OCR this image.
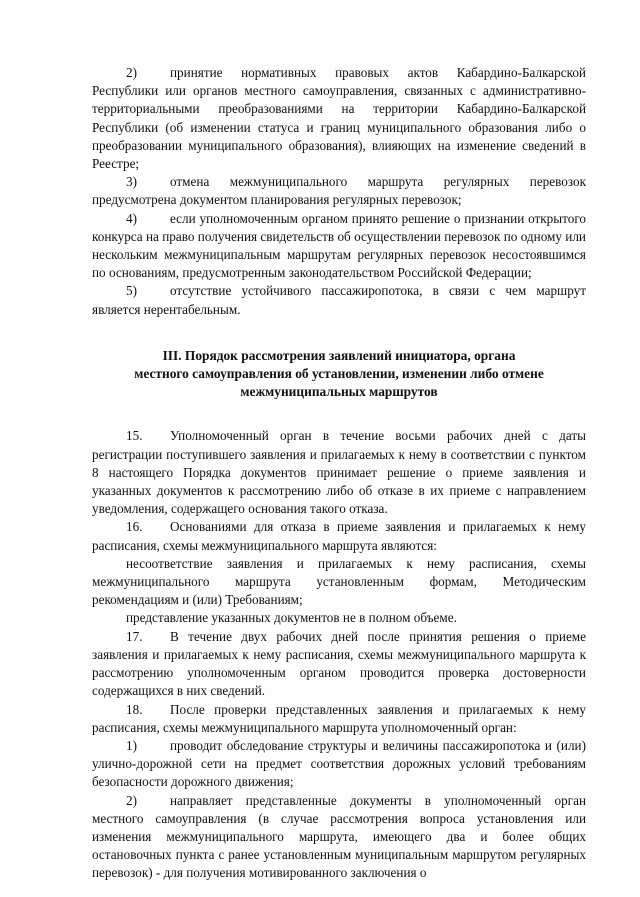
2)	принятие нормативных правовых актов Кабардино-Балкарской Республики или органов местного самоуправления, связанных с административно-территориальными преобразованиями на территории Кабардино-Балкарской Республики (об изменении статуса и границ муниципального образования либо о преобразовании муниципального образования), влияющих на изменение сведений в Реестре;

3)	отмена межмуниципального маршрута регулярных перевозок предусмотрена документом планирования регулярных перевозок;

4)	если уполномоченным органом принято решение о признании открытого конкурса на право получения свидетельств об осуществлении перевозок по одному или нескольким межмуниципальным маршрутам регулярных перевозок несостоявшимся по основаниям, предусмотренным законодательством Российской Федерации;

5)	отсутствие устойчивого пассажиропотока, в связи с чем маршрут является нерентабельным.

III. Порядок рассмотрения заявлений инициатора, органа
местного самоуправления об установлении, изменении либо отмене
межмуниципальных маршрутов

15. Уполномоченный орган в течение восьми рабочих дней с даты регистрации поступившего заявления и прилагаемых к нему в соответствии с пунктом 8 настоящего Порядка документов принимает решение о приеме заявления и указанных документов к рассмотрению либо об отказе в их приеме с направлением уведомления, содержащего основания такого отказа.

16. Основаниями для отказа в приеме заявления и прилагаемых к нему расписания, схемы межмуниципального маршрута являются:

несоответствие заявления и прилагаемых к нему расписания, схемы межмуниципального маршрута установленным формам, Методическим рекомендациям и (или) Требованиям;

представление указанных документов не в полном объеме.

17. В течение двух рабочих дней после принятия решения о приеме заявления и прилагаемых к нему расписания, схемы межмуниципального маршрута к рассмотрению уполномоченным органом проводится проверка достоверности содержащихся в них сведений.

18. После проверки представленных заявления и прилагаемых к нему расписания, схемы межмуниципального маршрута уполномоченный орган:

1)	проводит обследование структуры и величины пассажиропотока и (или) улично-дорожной сети на предмет соответствия дорожных условий требованиям безопасности дорожного движения;

2)	направляет представленные документы в уполномоченный орган местного самоуправления (в случае рассмотрения вопроса установления или изменения межмуниципального маршрута, имеющего два и более общих остановочных пункта с ранее установленным муниципальным маршрутом регулярных перевозок) - для получения мотивированного заключения о
